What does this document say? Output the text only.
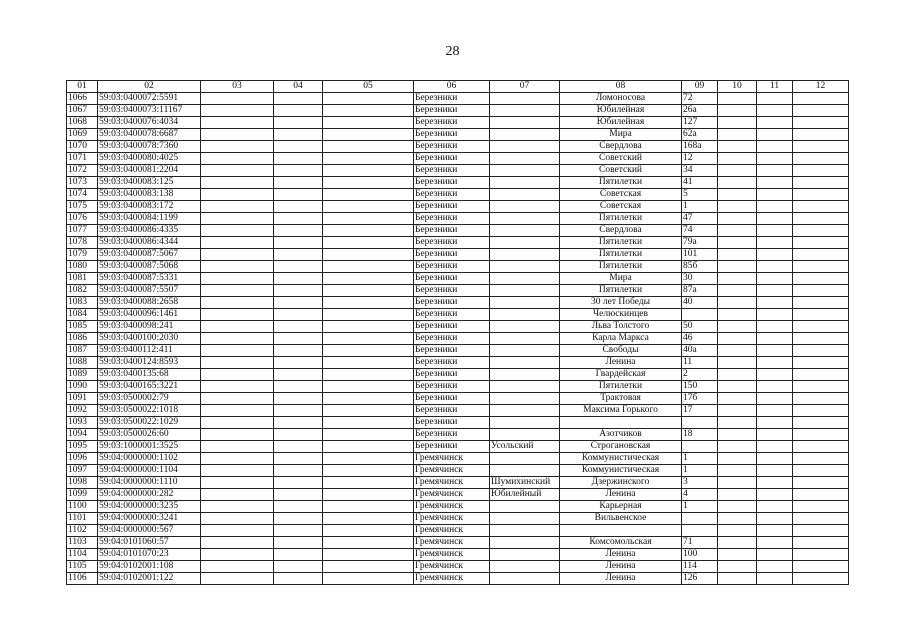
28
01	02	03	04	05	06	07	08	09	10	11	12
1066	59:03:0400072:5591				Березники		Ломоносова	72			
1067	59:03:0400073:11167				Березники		Юбилейная	26а			
1068	59:03:0400076:4034				Березники		Юбилейная	127			
1069	59:03:0400078:6687				Березники		Мира	62а			
1070	59:03:0400078:7360				Березники		Свердлова	168а			
1071	59:03:0400080:4025				Березники		Советский	12			
1072	59:03:0400081:2204				Березники		Советский	34			
1073	59:03:0400083:125				Березники		Пятилетки	41			
1074	59:03:0400083:138				Березники		Советская	5			
1075	59:03:0400083:172				Березники		Советская	1			
1076	59:03:0400084:1199				Березники		Пятилетки	47			
1077	59:03:0400086:4335				Березники		Свердлова	74			
1078	59:03:0400086:4344				Березники		Пятилетки	79а			
1079	59:03:0400087:5067				Березники		Пятилетки	101			
1080	59:03:0400087:5068				Березники		Пятилетки	85б			
1081	59:03:0400087:5331				Березники		Мира	30			
1082	59:03:0400087:5507				Березники		Пятилетки	87а			
1083	59:03:0400088:2658				Березники		30 лет Победы	40			
1084	59:03:0400096:1461				Березники		Челюскинцев				
1085	59:03:0400098:241				Березники		Льва Толстого	50			
1086	59:03:0400100:2030				Березники		Карла Маркса	46			
1087	59:03:0400112:411				Березники		Свободы	40а			
1088	59:03:0400124:8593				Березники		Ленина	11			
1089	59:03:0400135:68				Березники		Гвардейская	2			
1090	59:03:0400165:3221				Березники		Пятилетки	150			
1091	59:03:0500002:79				Березники		Трактовая	17б			
1092	59:03:0500022:1018				Березники		Максима Горького	17			
1093	59:03:0500022:1029				Березники						
1094	59:03:0500026:60				Березники		Азотчиков	18			
1095	59:03:1000001:3525				Березники	Усольский	Строгановская				
1096	59:04:0000000:1102				Гремячинск		Коммунистическая	1			
1097	59:04:0000000:1104				Гремячинск		Коммунистическая	1			
1098	59:04:0000000:1110				Гремячинск	Шумихинский	Дзержинского	3			
1099	59:04:0000000:282				Гремячинск	Юбилейный	Ленина	4			
1100	59:04:0000000:3235				Гремячинск		Карьерная	1			
1101	59:04:0000000:3241				Гремячинск		Вильвенское				
1102	59:04:0000000:567				Гремячинск						
1103	59:04:0101060:57				Гремячинск		Комсомольская	71			
1104	59:04:0101070:23				Гремячинск		Ленина	100			
1105	59:04:0102001:108				Гремячинск		Ленина	114			
1106	59:04:0102001:122				Гремячинск		Ленина	126			
